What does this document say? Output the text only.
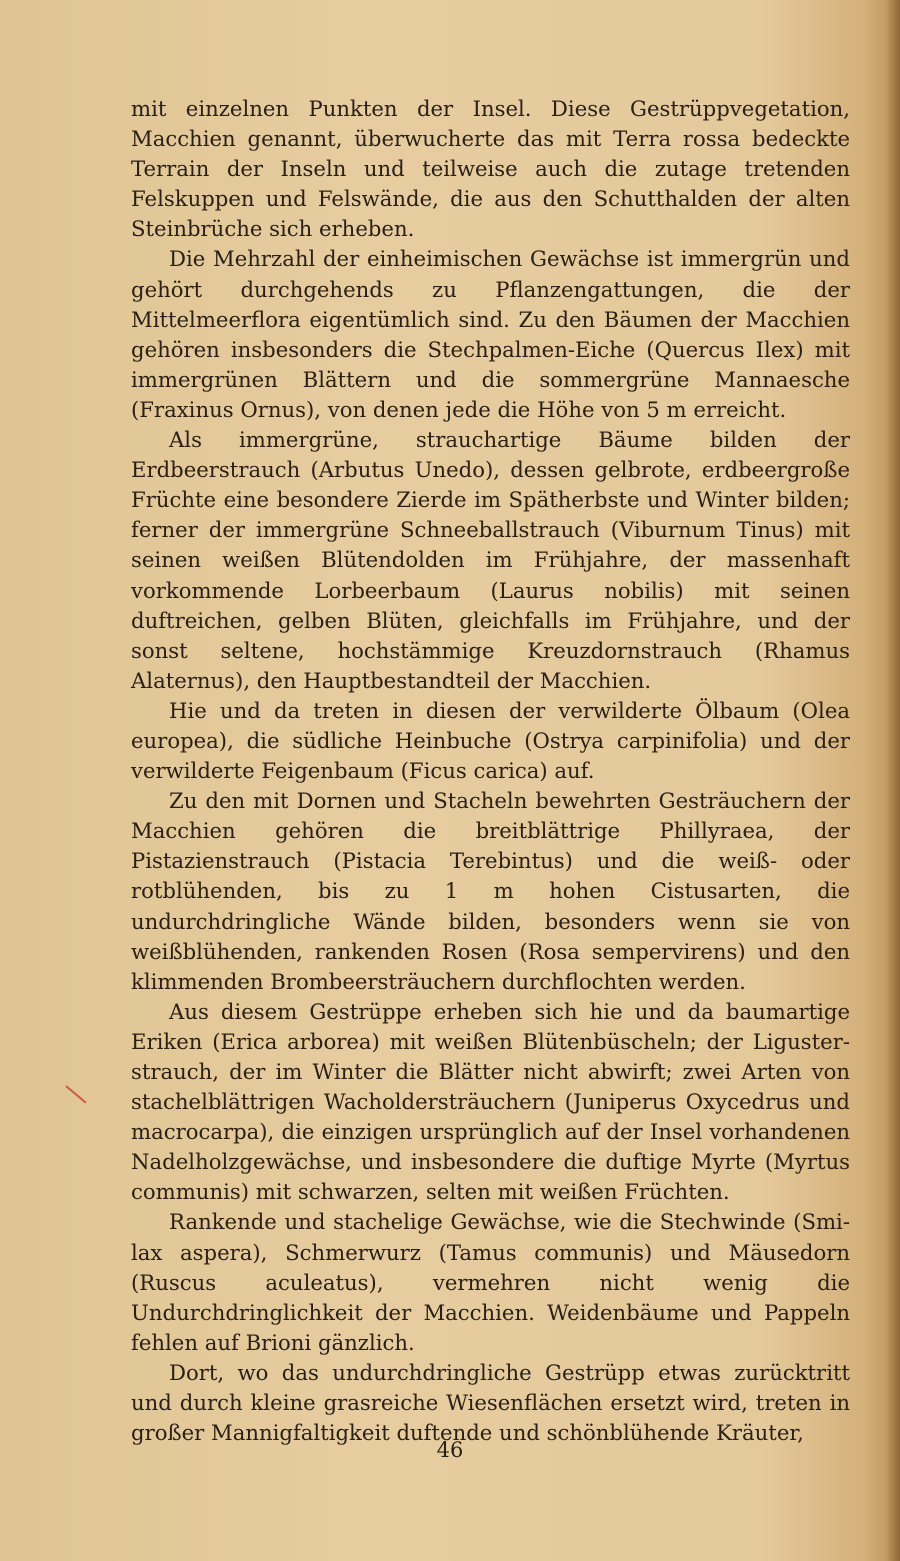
mit einzelnen Punkten der Insel. Diese Gestrüppvegetation, Macchien genannt, überwucherte das mit Terra rossa bedeckte Terrain der Inseln und teilweise auch die zutage tretenden Felskuppen und Felswände, die aus den Schutthalden der alten Steinbrüche sich erheben.

Die Mehrzahl der einheimischen Gewächse ist immergrün und gehört durchgehends zu Pflanzengattungen, die der Mittelmeerflora eigentümlich sind. Zu den Bäumen der Macchien gehören insbesonders die Stechpalmen-Eiche (Quercus Ilex) mit immergrünen Blättern und die sommergrüne Mannaesche (Fraxinus Ornus), von denen jede die Höhe von 5 m erreicht.

Als immergrüne, strauchartige Bäume bilden der Erdbeerstrauch (Arbutus Unedo), dessen gelbrote, erdbeergroße Früchte eine besondere Zierde im Spätherbste und Winter bilden; ferner der immergrüne Schneeballstrauch (Viburnum Tinus) mit seinen weißen Blütendolden im Frühjahre, der massenhaft vorkommende Lorbeerbaum (Laurus nobilis) mit seinen duftreichen, gelben Blüten, gleichfalls im Frühjahre, und der sonst seltene, hochstämmige Kreuzdornstrauch (Rhamus Alaternus), den Hauptbestandteil der Macchien.

Hie und da treten in diesen der verwilderte Ölbaum (Olea europea), die südliche Heinbuche (Ostrya carpinifolia) und der verwilderte Feigenbaum (Ficus carica) auf.

Zu den mit Dornen und Stacheln bewehrten Gesträuchern der Macchien gehören die breitblättrige Phillyraea, der Pistazienstrauch (Pistacia Terebintus) und die weiß- oder rotblühenden, bis zu 1 m hohen Cistusarten, die undurchdringliche Wände bilden, besonders wenn sie von weißblühenden, rankenden Rosen (Rosa sempervirens) und den klimmenden Brombeersträuchern durchflochten werden.

Aus diesem Gestrüppe erheben sich hie und da baumartige Eriken (Erica arborea) mit weißen Blütenbüscheln; der Ligusterstrauch, der im Winter die Blätter nicht abwirft; zwei Arten von stachelblättrigen Wacholdersträuchern (Juniperus Oxycedrus und macrocarpa), die einzigen ursprünglich auf der Insel vorhandenen Nadelholzgewächse, und insbesondere die duftige Myrte (Myrtus communis) mit schwarzen, selten mit weißen Früchten.

Rankende und stachelige Gewächse, wie die Stechwinde (Smilax aspera), Schmerwurz (Tamus communis) und Mäusedorn (Ruscus aculeatus), vermehren nicht wenig die Undurchdringlichkeit der Macchien. Weidenbäume und Pappeln fehlen auf Brioni gänzlich.

Dort, wo das undurchdringliche Gestrüpp etwas zurücktritt und durch kleine grasreiche Wiesenflächen ersetzt wird, treten in großer Mannigfaltigkeit duftende und schönblühende Kräuter,

46
